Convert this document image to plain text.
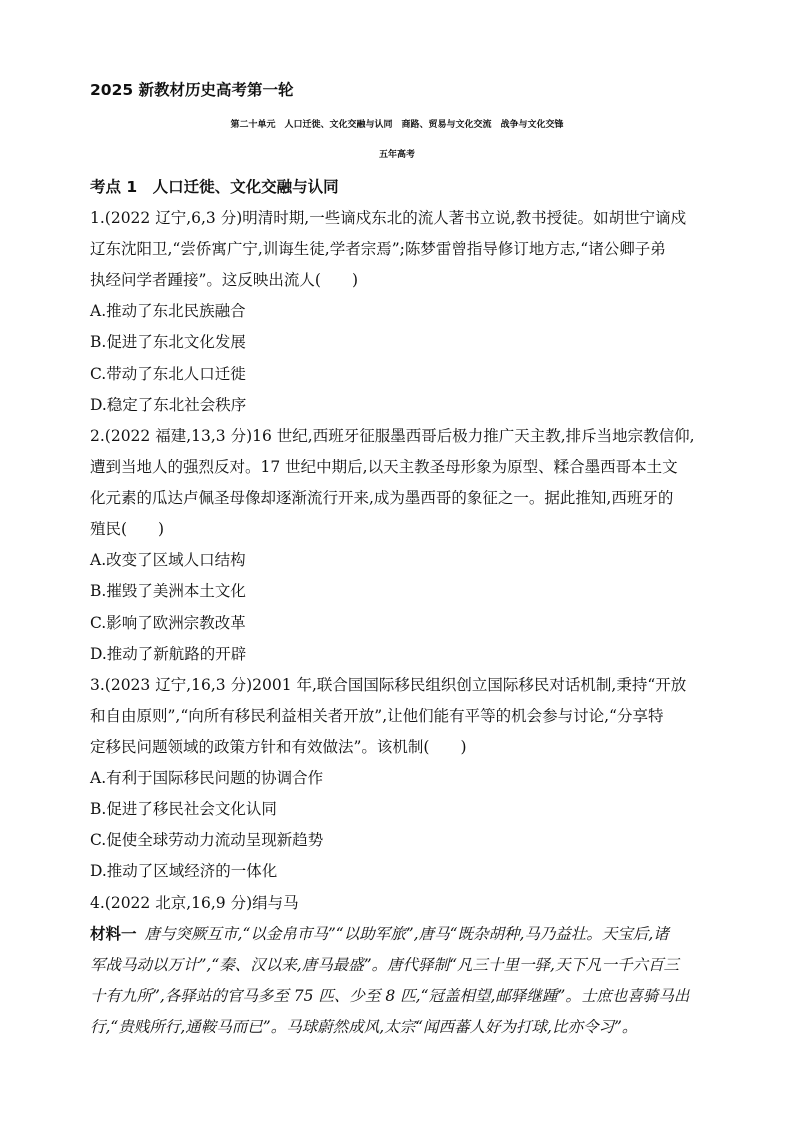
2025 新教材历史高考第一轮
第二十单元　人口迁徙、文化交融与认同　商路、贸易与文化交流　战争与文化交锋
五年高考
考点 1　人口迁徙、文化交融与认同
1.(2022 辽宁,6,3 分)明清时期,一些谪戍东北的流人著书立说,教书授徒。如胡世宁谪戍
辽东沈阳卫,“尝侨寓广宁,训诲生徒,学者宗焉”;陈梦雷曾指导修订地方志,“诸公卿子弟
执经问学者踵接”。这反映出流人(　　)
A.推动了东北民族融合
B.促进了东北文化发展
C.带动了东北人口迁徙
D.稳定了东北社会秩序
2.(2022 福建,13,3 分)16 世纪,西班牙征服墨西哥后极力推广天主教,排斥当地宗教信仰,
遭到当地人的强烈反对。17 世纪中期后,以天主教圣母形象为原型、糅合墨西哥本土文
化元素的瓜达卢佩圣母像却逐渐流行开来,成为墨西哥的象征之一。据此推知,西班牙的
殖民(　　)
A.改变了区域人口结构
B.摧毁了美洲本土文化
C.影响了欧洲宗教改革
D.推动了新航路的开辟
3.(2023 辽宁,16,3 分)2001 年,联合国国际移民组织创立国际移民对话机制,秉持“开放
和自由原则”,“向所有移民利益相关者开放”,让他们能有平等的机会参与讨论,“分享特
定移民问题领域的政策方针和有效做法”。该机制(　　)
A.有利于国际移民问题的协调合作
B.促进了移民社会文化认同
C.促使全球劳动力流动呈现新趋势
D.推动了区域经济的一体化
4.(2022 北京,16,9 分)绢与马
材料一 唐与突厥互市,“以金帛市马”“以助军旅”,唐马“既杂胡种,马乃益壮。天宝后,诸
军战马动以万计”,“秦、汉以来,唐马最盛”。唐代驿制“凡三十里一驿,天下凡一千六百三
十有九所”,各驿站的官马多至 75 匹、少至 8 匹,“冠盖相望,邮驿继踵”。士庶也喜骑马出
行,“贵贱所行,通鞍马而已”。马球蔚然成风,太宗“闻西蕃人好为打球,比亦令习”。
